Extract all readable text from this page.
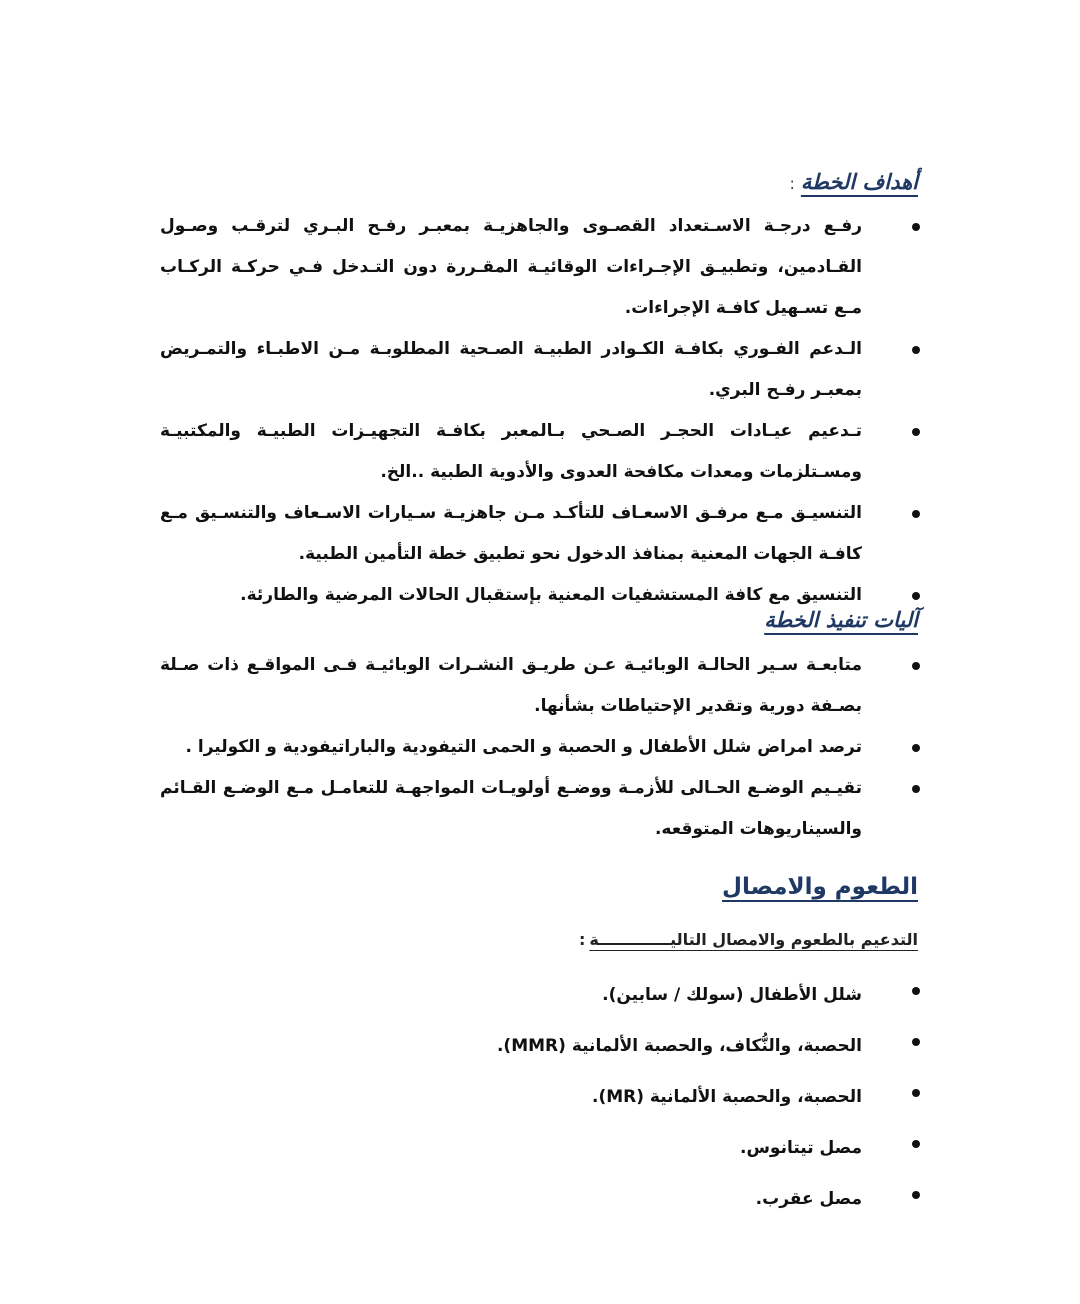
أهداف الخطة:
رفـع درجـة الاسـتعداد القصـوى والجاهزيـة بمعبـر رفـح البـري لترقـب وصـول القـادمين، وتطبيـق الإجـراءات الوقائيـة المقـررة دون التـدخل فـي حركـة الركـاب مـع تسـهيل كافـة الإجراءات.
الـدعم الفـوري بكافـة الكـوادر الطبيـة الصـحية المطلوبـة مـن الاطبـاء والتمـريض بمعبـر رفـح البري.
تـدعيم عيـادات الحجـر الصـحي بـالمعبر بكافـة التجهيـزات الطبيـة والمكتبيـة ومسـتلزمات ومعدات مكافحة العدوى والأدوية الطبية ..الخ.
التنسيـق مـع مرفـق الاسعـاف للتأكـد مـن جاهزيـة سـيارات الاسـعاف والتنسـيق مـع كافـة الجهات المعنية بمنافذ الدخول نحو تطبيق خطة التأمين الطبية.
التنسيق مع كافة المستشفيات المعنية بإستقبال الحالات المرضية والطارئة.
آليات تنفيذ الخطة
متابعـة سـير الحالـة الوبائيـة عـن طريـق النشـرات الوبائيـة فـى المواقـع ذات صـلة بصـفة دورية وتقدير الإحتياطات بشأنها.
ترصد امراض شلل الأطفال و الحصبة و الحمى التيفودية والباراتيفودية و الكوليرا .
تقيـيم الوضـع الحـالى للأزمـة ووضـع أولويـات المواجهـة للتعامـل مـع الوضـع القـائم والسيناريوهات المتوقعه.
الطعوم والامصال

التدعيم بالطعوم والامصال التاليـــــــــــــة:

شلل الأطفال (سولك / سابين).
الحصبة، والنُّكاف، والحصبة الألمانية (MMR).
الحصبة، والحصبة الألمانية (MR).
مصل تيتانوس.
مصل عقرب.
